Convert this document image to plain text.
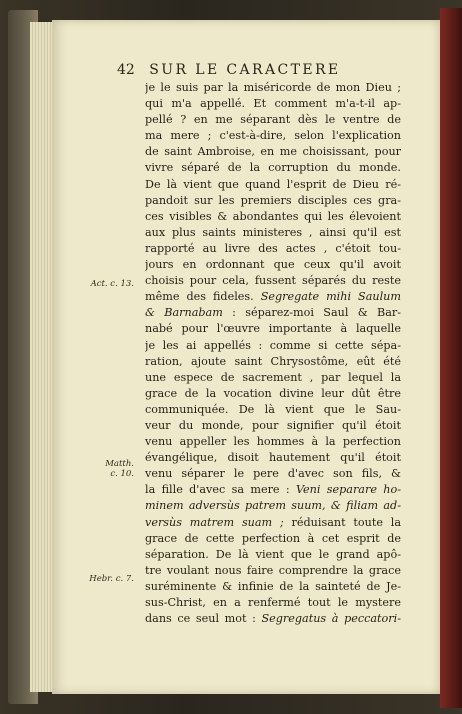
42 SUR LE CARACTERE
Act. c. 13.
Matth.
c. 10.
Hebr. c. 7.
je le suis par la miséricorde de mon Dieu ;
qui m'a appellé. Et comment m'a-t-il ap-
pellé ? en me séparant dès le ventre de
ma mere ; c'est-à-dire, selon l'explication
de saint Ambroise, en me choisissant, pour
vivre séparé de la corruption du monde.
De là vient que quand l'esprit de Dieu ré-
pandoit sur les premiers disciples ces gra-
ces visibles & abondantes qui les élevoient
aux plus saints ministeres , ainsi qu'il est
rapporté au livre des actes , c'étoit tou-
jours en ordonnant que ceux qu'il avoit
choisis pour cela, fussent séparés du reste
même des fideles. Segregate mihi Saulum
& Barnabam : séparez-moi Saul & Bar-
nabé pour l'œuvre importante à laquelle
je les ai appellés : comme si cette sépa-
ration, ajoute saint Chrysostôme, eût été
une espece de sacrement , par lequel la
grace de la vocation divine leur dût être
communiquée. De là vient que le Sau-
veur du monde, pour signifier qu'il étoit
venu appeller les hommes à la perfection
évangélique, disoit hautement qu'il étoit
venu séparer le pere d'avec son fils, &
la fille d'avec sa mere : Veni separare ho-
minem adversùs patrem suum, & filiam ad-
versùs matrem suam ; réduisant toute la
grace de cette perfection à cet esprit de
séparation. De là vient que le grand apô-
tre voulant nous faire comprendre la grace
suréminente & infinie de la sainteté de Je-
sus-Christ, en a renfermé tout le mystere
dans ce seul mot : Segregatus à peccatori-
